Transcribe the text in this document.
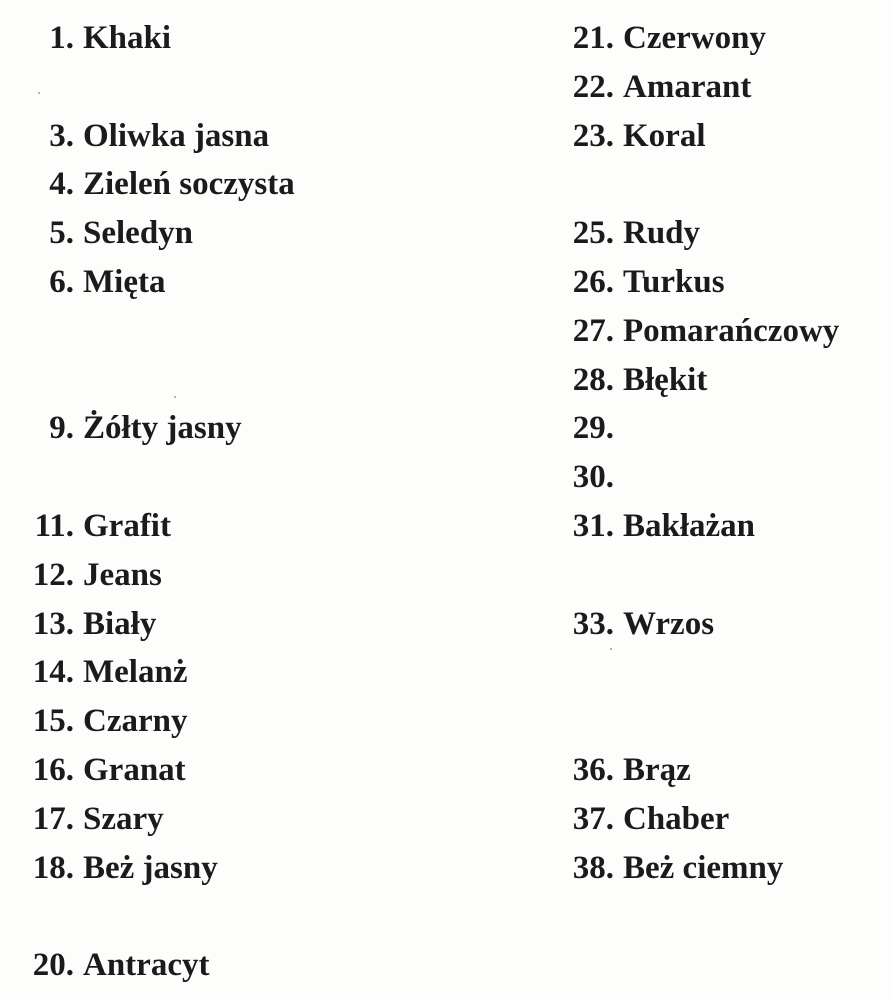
1. Khaki
3. Oliwka jasna
4. Zieleń soczysta
5. Seledyn
6. Mięta
9. Żółty jasny
11. Grafit
12. Jeans
13. Biały
14. Melanż
15. Czarny
16. Granat
17. Szary
18. Beż jasny
20. Antracyt
21. Czerwony
22. Amarant
23. Koral
25. Rudy
26. Turkus
27. Pomarańczowy
28. Błękit
29.
30.
31. Bakłażan
33. Wrzos
36. Brąz
37. Chaber
38. Beż ciemny
